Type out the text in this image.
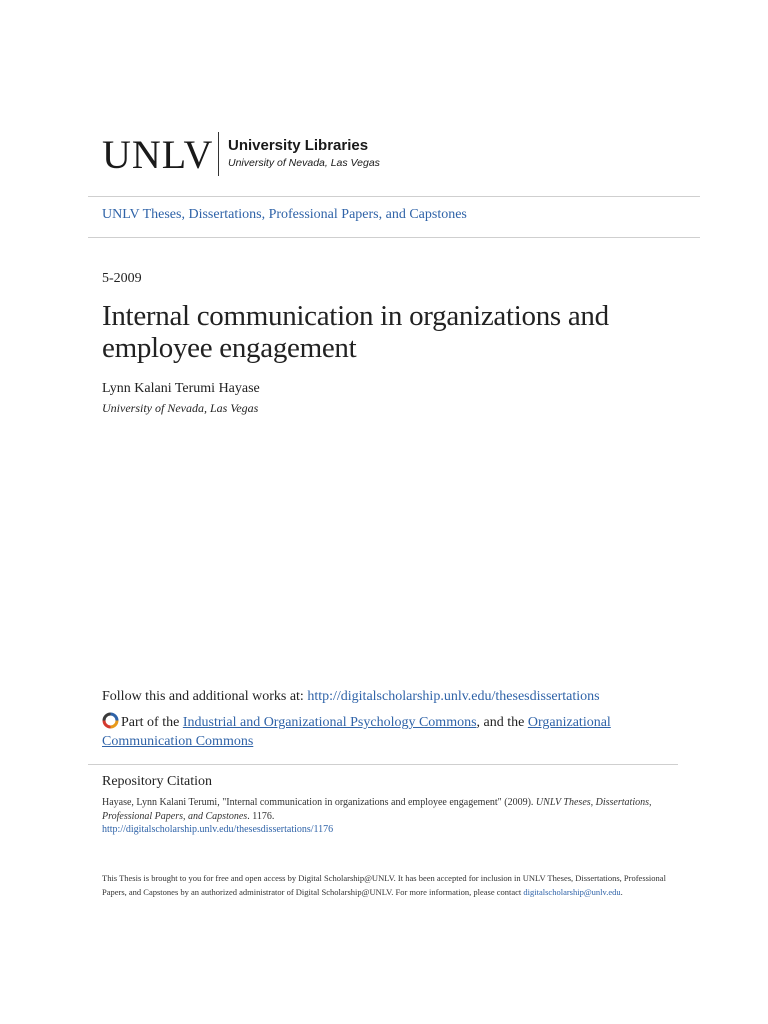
UNLV University Libraries
University of Nevada, Las Vegas
UNLV Theses, Dissertations, Professional Papers, and Capstones
5-2009
Internal communication in organizations and employee engagement
Lynn Kalani Terumi Hayase
University of Nevada, Las Vegas
Follow this and additional works at: http://digitalscholarship.unlv.edu/thesesdissertations
Part of the Industrial and Organizational Psychology Commons, and the Organizational Communication Commons
Repository Citation
Hayase, Lynn Kalani Terumi, "Internal communication in organizations and employee engagement" (2009). UNLV Theses, Dissertations, Professional Papers, and Capstones. 1176.
http://digitalscholarship.unlv.edu/thesesdissertations/1176
This Thesis is brought to you for free and open access by Digital Scholarship@UNLV. It has been accepted for inclusion in UNLV Theses, Dissertations, Professional Papers, and Capstones by an authorized administrator of Digital Scholarship@UNLV. For more information, please contact digitalscholarship@unlv.edu.
